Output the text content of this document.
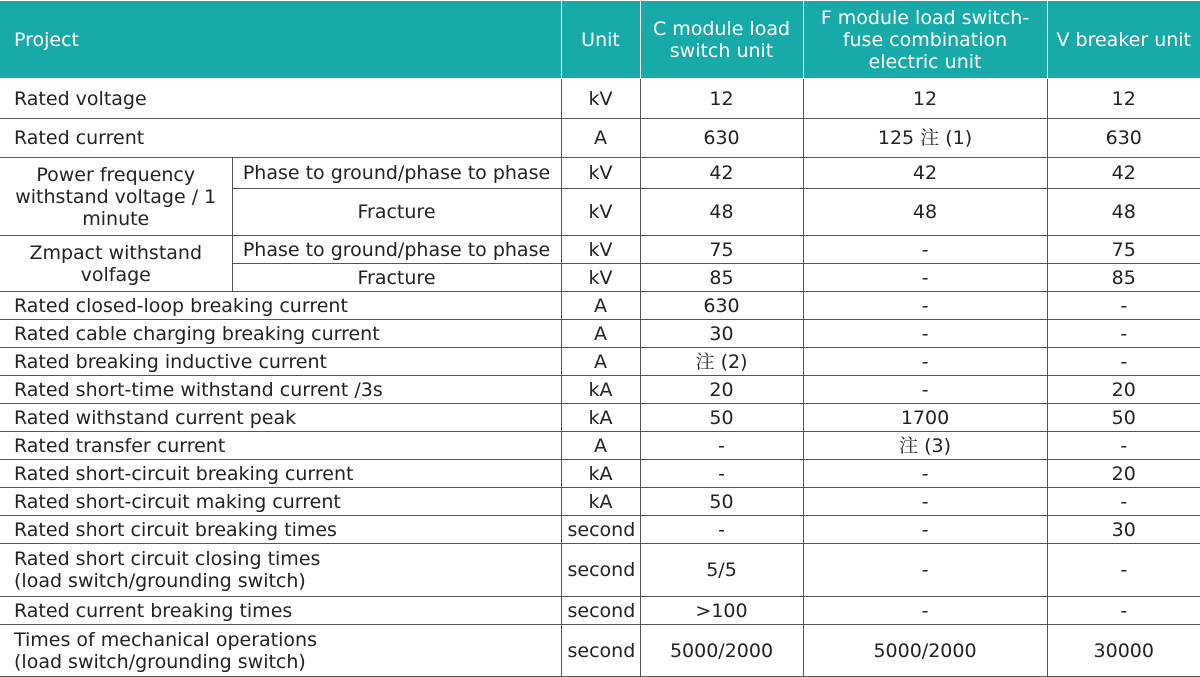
Project		Unit	C module load switch unit	F module load switch-fuse combination electric unit	V breaker unit
Rated voltage		kV	12	12	12
Rated current		A	630	125 注 (1)	630
Power frequency withstand voltage / 1 minute	Phase to ground/phase to phase	kV	42	42	42
	Fracture	kV	48	48	48
Zmpact withstand volfage	Phase to ground/phase to phase	kV	75	-	75
	Fracture	kV	85	-	85
Rated closed-loop breaking current		A	630	-	-
Rated cable charging breaking current		A	30	-	-
Rated breaking inductive current		A	注 (2)	-	-
Rated short-time withstand current /3s		kA	20	-	20
Rated withstand current peak		kA	50	1700	50
Rated transfer current		A	-	注 (3)	-
Rated short-circuit breaking current		kA	-	-	20
Rated short-circuit making current		kA	50	-	-
Rated short circuit breaking times		second	-	-	30
Rated short circuit closing times
(load switch/grounding switch)		second	5/5	-	-
Rated current breaking times		second	>100	-	-
Times of mechanical operations
(load switch/grounding switch)		second	5000/2000	5000/2000	30000
